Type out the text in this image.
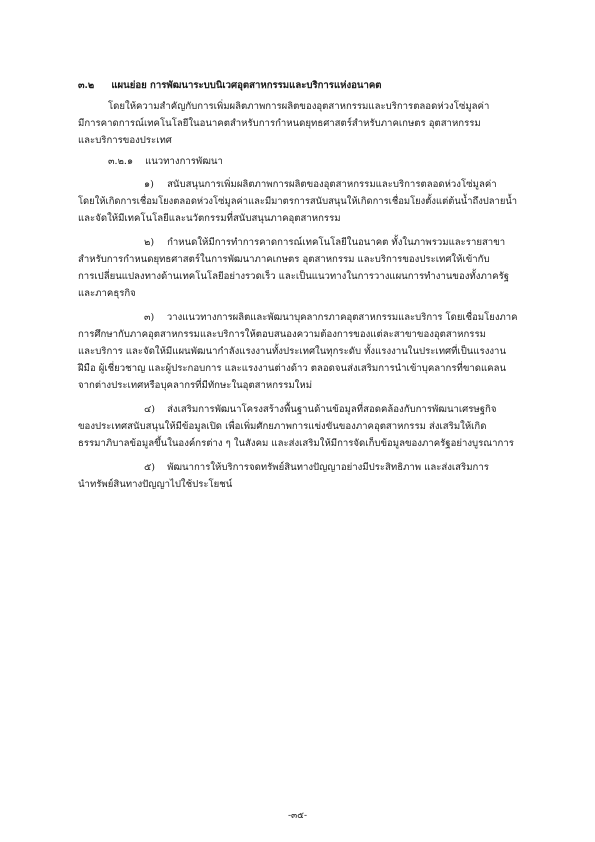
๓.๒ แผนย่อย การพัฒนาระบบนิเวศอุตสาหกรรมและบริการแห่งอนาคต
โดยให้ความสำคัญกับการเพิ่มผลิตภาพการผลิตของอุตสาหกรรมและบริการตลอดห่วงโซ่มูลค่า
มีการคาดการณ์เทคโนโลยีในอนาคตสำหรับการกำหนดยุทธศาสตร์สำหรับภาคเกษตร อุตสาหกรรม
และบริการของประเทศ
๓.๒.๑ แนวทางการพัฒนา
๑) สนับสนุนการเพิ่มผลิตภาพการผลิตของอุตสาหกรรมและบริการตลอดห่วงโซ่มูลค่า
โดยให้เกิดการเชื่อมโยงตลอดห่วงโซ่มูลค่าและมีมาตรการสนับสนุนให้เกิดการเชื่อมโยงตั้งแต่ต้นน้ำถึงปลายน้ำ
และจัดให้มีเทคโนโลยีและนวัตกรรมที่สนับสนุนภาคอุตสาหกรรม
๒) กำหนดให้มีการทำการคาดการณ์เทคโนโลยีในอนาคต ทั้งในภาพรวมและรายสาขา
สำหรับการกำหนดยุทธศาสตร์ในการพัฒนาภาคเกษตร อุตสาหกรรม และบริการของประเทศให้เข้ากับ
การเปลี่ยนแปลงทางด้านเทคโนโลยีอย่างรวดเร็ว และเป็นแนวทางในการวางแผนการทำงานของทั้งภาครัฐ
และภาคธุรกิจ
๓) วางแนวทางการผลิตและพัฒนาบุคลากรภาคอุตสาหกรรมและบริการ โดยเชื่อมโยงภาค
การศึกษากับภาคอุตสาหกรรมและบริการให้ตอบสนองความต้องการของแต่ละสาขาของอุตสาหกรรม
และบริการ และจัดให้มีแผนพัฒนากำลังแรงงานทั้งประเทศในทุกระดับ ทั้งแรงงานในประเทศที่เป็นแรงงาน
ฝีมือ ผู้เชี่ยวชาญ และผู้ประกอบการ และแรงงานต่างด้าว ตลอดจนส่งเสริมการนำเข้าบุคลากรที่ขาดแคลน
จากต่างประเทศหรือบุคลากรที่มีทักษะในอุตสาหกรรมใหม่
๔) ส่งเสริมการพัฒนาโครงสร้างพื้นฐานด้านข้อมูลที่สอดคล้องกับการพัฒนาเศรษฐกิจ
ของประเทศสนับสนุนให้มีข้อมูลเปิด เพื่อเพิ่มศักยภาพการแข่งขันของภาคอุตสาหกรรม ส่งเสริมให้เกิด
ธรรมาภิบาลข้อมูลขึ้นในองค์กรต่าง ๆ ในสังคม และส่งเสริมให้มีการจัดเก็บข้อมูลของภาครัฐอย่างบูรณาการ
๕) พัฒนาการให้บริการจดทรัพย์สินทางปัญญาอย่างมีประสิทธิภาพ และส่งเสริมการ
นำทรัพย์สินทางปัญญาไปใช้ประโยชน์
-๓๕-
